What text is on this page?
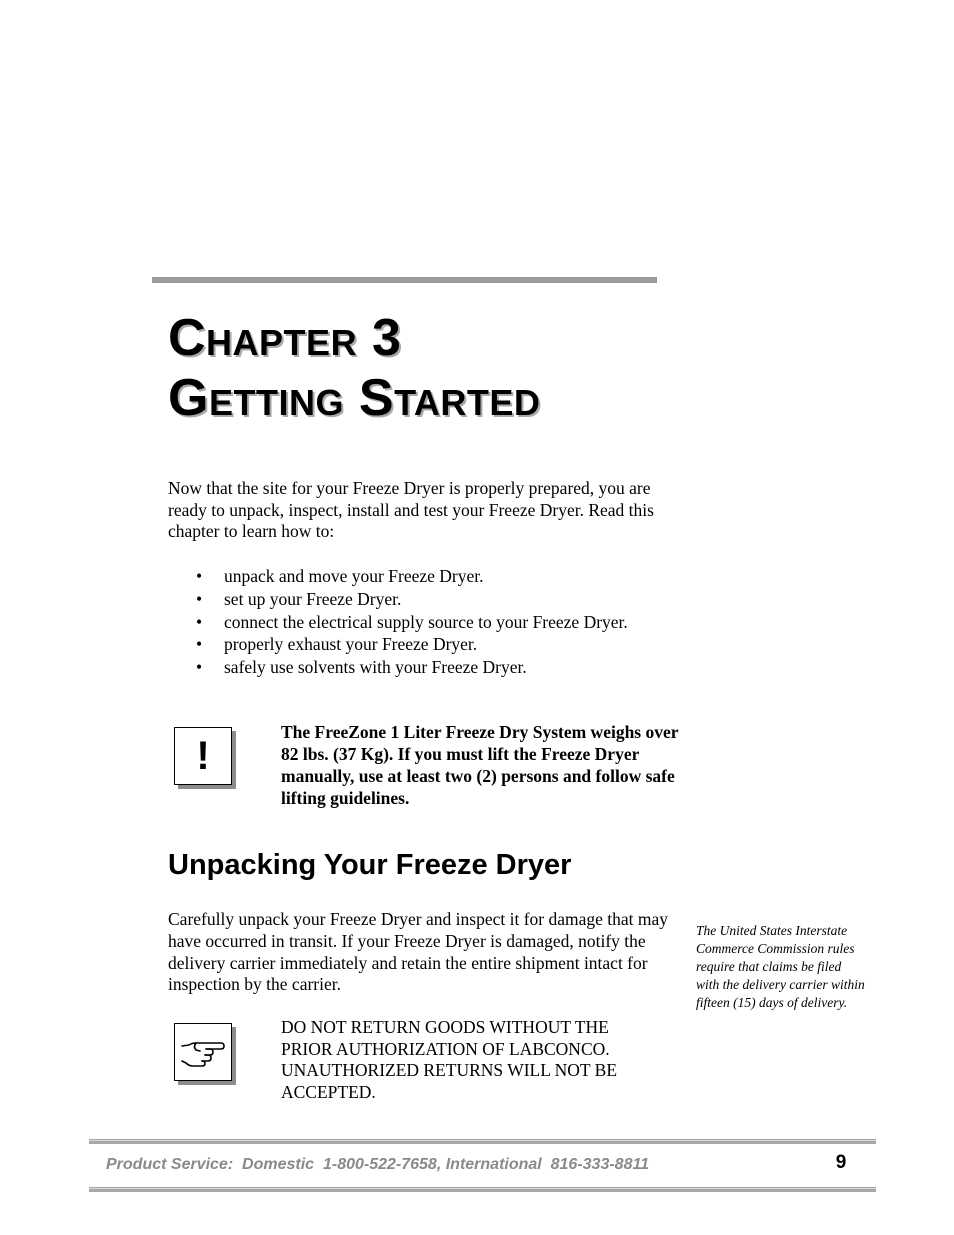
Chapter 3
Getting Started

Now that the site for your Freeze Dryer is properly prepared, you are ready to unpack, inspect, install and test your Freeze Dryer. Read this chapter to learn how to:

• unpack and move your Freeze Dryer.
• set up your Freeze Dryer.
• connect the electrical supply source to your Freeze Dryer.
• properly exhaust your Freeze Dryer.
• safely use solvents with your Freeze Dryer.
!

The FreeZone 1 Liter Freeze Dry System weighs over 82 lbs. (37 Kg). If you must lift the Freeze Dryer manually, use at least two (2) persons and follow safe lifting guidelines.

Unpacking Your Freeze Dryer

Carefully unpack your Freeze Dryer and inspect it for damage that may have occurred in transit. If your Freeze Dryer is damaged, notify the delivery carrier immediately and retain the entire shipment intact for inspection by the carrier.

The United States Interstate Commerce Commission rules require that claims be filed with the delivery carrier within fifteen (15) days of delivery.

DO NOT RETURN GOODS WITHOUT THE PRIOR AUTHORIZATION OF LABCONCO. UNAUTHORIZED RETURNS WILL NOT BE ACCEPTED.

Product Service:  Domestic  1-800-522-7658, International  816-333-8811	9
